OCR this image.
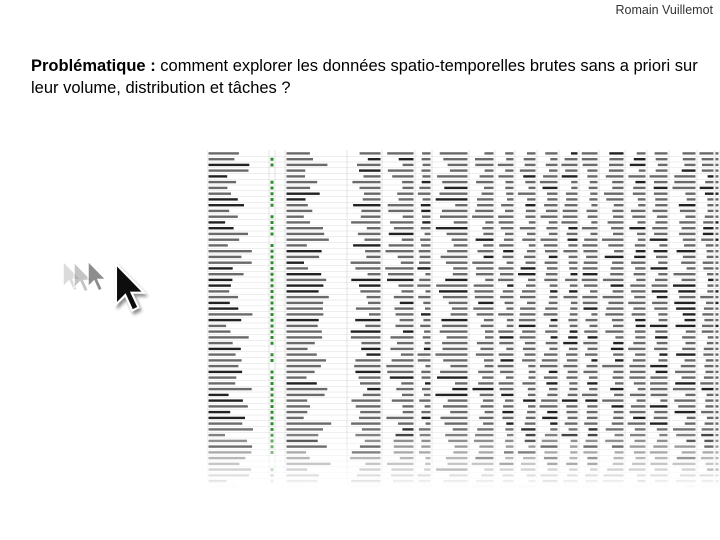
Romain Vuillemot
Problématique : comment explorer les données spatio-temporelles brutes sans a priori sur leur volume, distribution et tâches ?
